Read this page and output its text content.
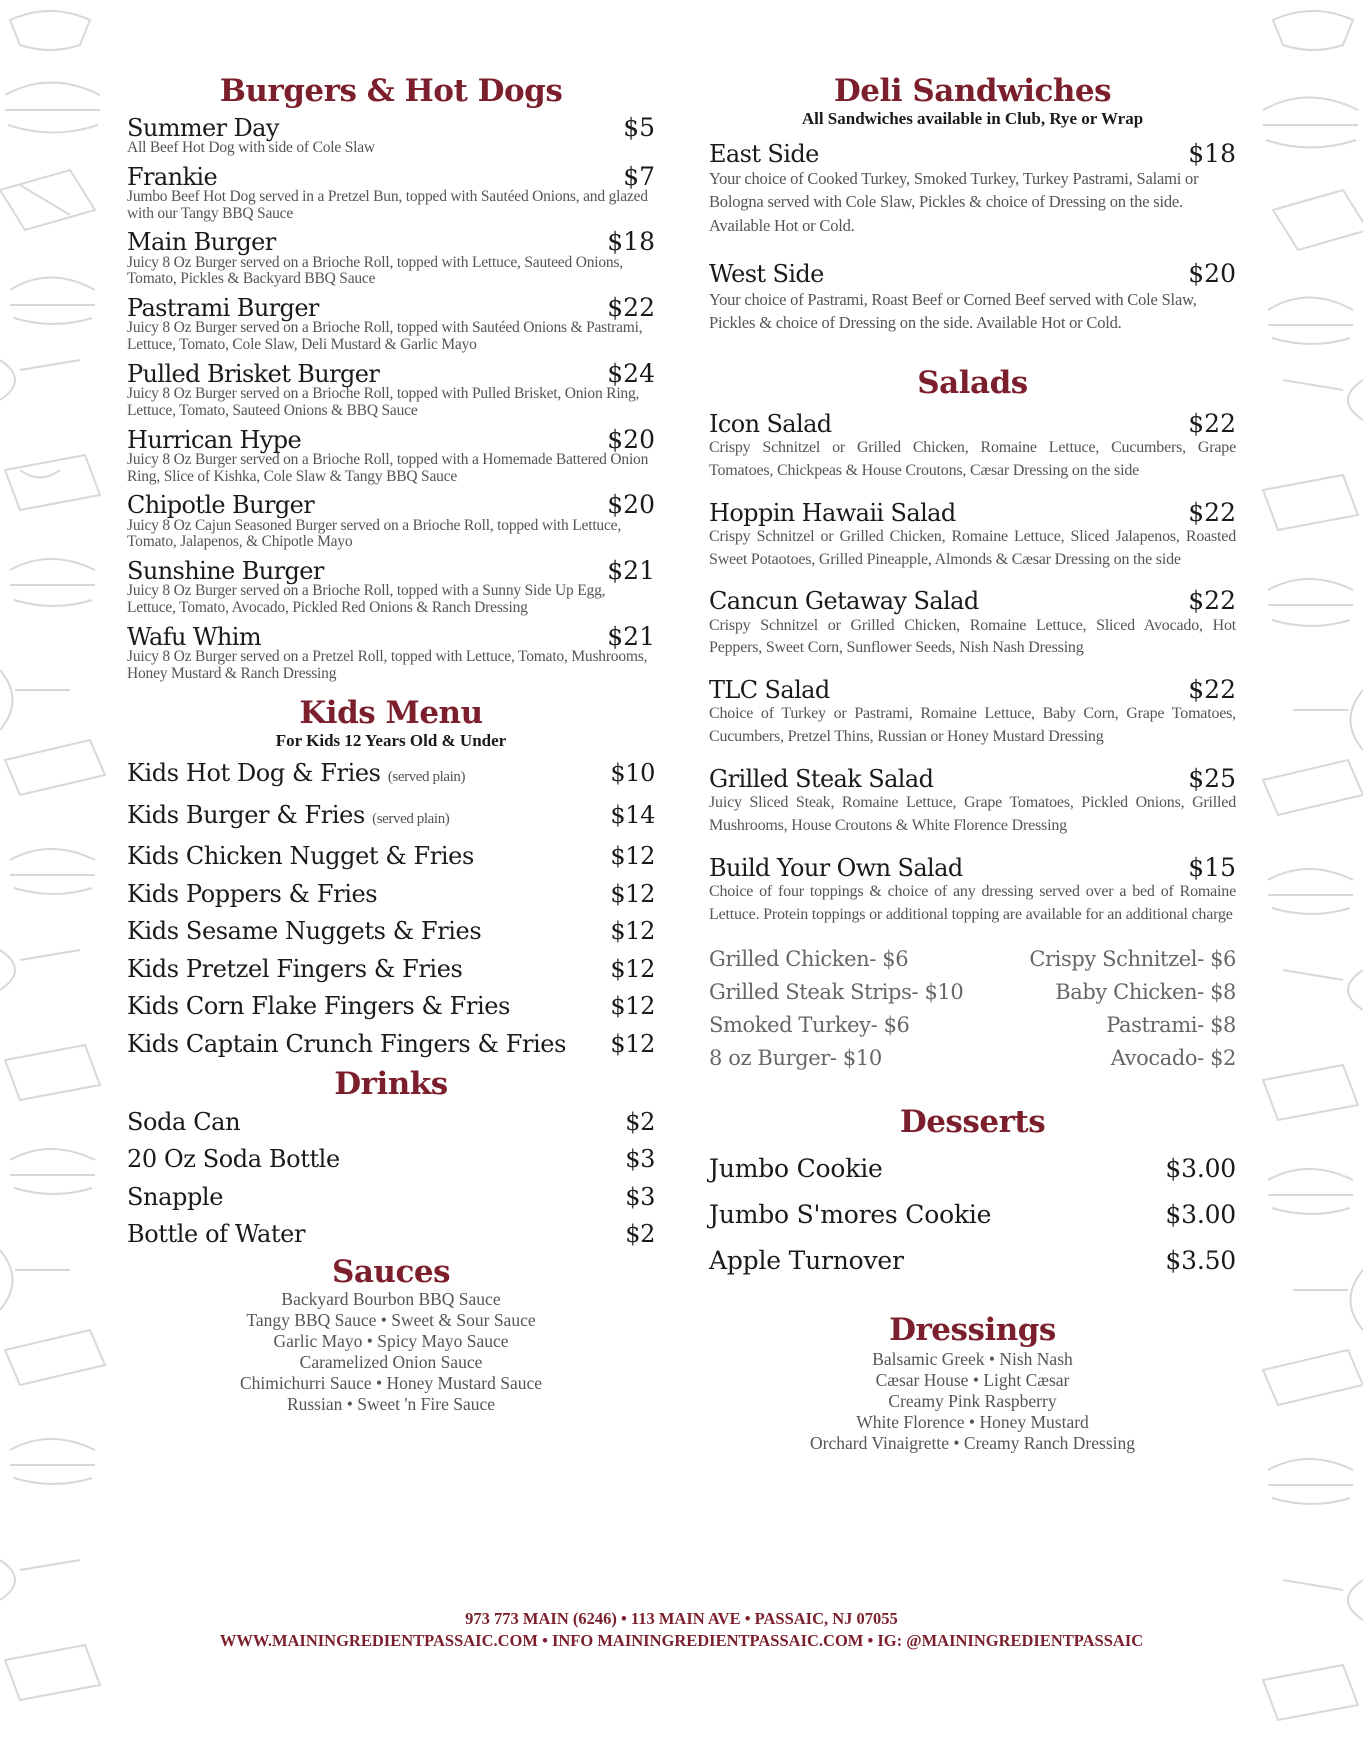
Burgers & Hot Dogs
Summer Day	$5
All Beef Hot Dog with side of Cole Slaw
Frankie	$7
Jumbo Beef Hot Dog served in a Pretzel Bun, topped with Sautéed Onions, and glazed with our Tangy BBQ Sauce
Main Burger	$18
Juicy 8 Oz Burger served on a Brioche Roll, topped with Lettuce, Sauteed Onions, Tomato, Pickles & Backyard BBQ Sauce
Pastrami Burger	$22
Juicy 8 Oz Burger served on a Brioche Roll, topped with Sautéed Onions & Pastrami, Lettuce, Tomato, Cole Slaw, Deli Mustard & Garlic Mayo
Pulled Brisket Burger	$24
Juicy 8 Oz Burger served on a Brioche Roll, topped with Pulled Brisket, Onion Ring, Lettuce, Tomato, Sauteed Onions & BBQ Sauce
Hurrican Hype	$20
Juicy 8 Oz Burger served on a Brioche Roll, topped with a Homemade Battered Onion Ring, Slice of Kishka, Cole Slaw & Tangy BBQ Sauce
Chipotle Burger	$20
Juicy 8 Oz Cajun Seasoned Burger served on a Brioche Roll, topped with Lettuce, Tomato, Jalapenos, & Chipotle Mayo
Sunshine Burger	$21
Juicy 8 Oz Burger served on a Brioche Roll, topped with a Sunny Side Up Egg, Lettuce, Tomato, Avocado, Pickled Red Onions & Ranch Dressing
Wafu Whim	$21
Juicy 8 Oz Burger served on a Pretzel Roll, topped with Lettuce, Tomato, Mushrooms, Honey Mustard & Ranch Dressing
Kids Menu
For Kids 12 Years Old & Under
Kids Hot Dog & Fries (served plain)	$10
Kids Burger & Fries (served plain)	$14
Kids Chicken Nugget & Fries	$12
Kids Poppers & Fries	$12
Kids Sesame Nuggets & Fries	$12
Kids Pretzel Fingers & Fries	$12
Kids Corn Flake Fingers & Fries	$12
Kids Captain Crunch Fingers & Fries $12
Drinks
Soda Can	$2
20 Oz Soda Bottle	$3
Snapple	$3
Bottle of Water	$2
Sauces
Backyard Bourbon BBQ Sauce
Tangy BBQ Sauce • Sweet & Sour Sauce
Garlic Mayo • Spicy Mayo Sauce
Caramelized Onion Sauce
Chimichurri Sauce • Honey Mustard Sauce
Russian • Sweet 'n Fire Sauce
Deli Sandwiches
All Sandwiches available in Club, Rye or Wrap
East Side	$18
Your choice of Cooked Turkey, Smoked Turkey, Turkey Pastrami, Salami or Bologna served with Cole Slaw, Pickles & choice of Dressing on the side. Available Hot or Cold.
West Side	$20
Your choice of Pastrami, Roast Beef or Corned Beef served with Cole Slaw, Pickles & choice of Dressing on the side. Available Hot or Cold.
Salads
Icon Salad	$22
Crispy Schnitzel or Grilled Chicken, Romaine Lettuce, Cucumbers, Grape Tomatoes, Chickpeas & House Croutons, Cæsar Dressing on the side
Hoppin Hawaii Salad	$22
Crispy Schnitzel or Grilled Chicken, Romaine Lettuce, Sliced Jalapenos, Roasted Sweet Potaotoes, Grilled Pineapple, Almonds & Cæsar Dressing on the side
Cancun Getaway Salad	$22
Crispy Schnitzel or Grilled Chicken, Romaine Lettuce, Sliced Avocado, Hot Peppers, Sweet Corn, Sunflower Seeds, Nish Nash Dressing
TLC Salad	$22
Choice of Turkey or Pastrami, Romaine Lettuce, Baby Corn, Grape Tomatoes, Cucumbers, Pretzel Thins, Russian or Honey Mustard Dressing
Grilled Steak Salad	$25
Juicy Sliced Steak, Romaine Lettuce, Grape Tomatoes, Pickled Onions, Grilled Mushrooms, House Croutons & White Florence Dressing
Build Your Own Salad	$15
Choice of four toppings & choice of any dressing served over a bed of Romaine Lettuce. Protein toppings or additional topping are available for an additional charge
Grilled Chicken- $6	Crispy Schnitzel- $6
Grilled Steak Strips- $10	Baby Chicken- $8
Smoked Turkey- $6	Pastrami- $8
8 oz Burger- $10	Avocado- $2
Desserts
Jumbo Cookie	$3.00
Jumbo S'mores Cookie	$3.00
Apple Turnover	$3.50
Dressings
Balsamic Greek • Nish Nash
Cæsar House • Light Cæsar
Creamy Pink Raspberry
White Florence • Honey Mustard
Orchard Vinaigrette • Creamy Ranch Dressing
973 773 MAIN (6246) • 113 MAIN AVE • PASSAIC, NJ 07055
WWW.MAININGREDIENTPASSAIC.COM • INFO MAININGREDIENTPASSAIC.COM • IG: @MAININGREDIENTPASSAIC
